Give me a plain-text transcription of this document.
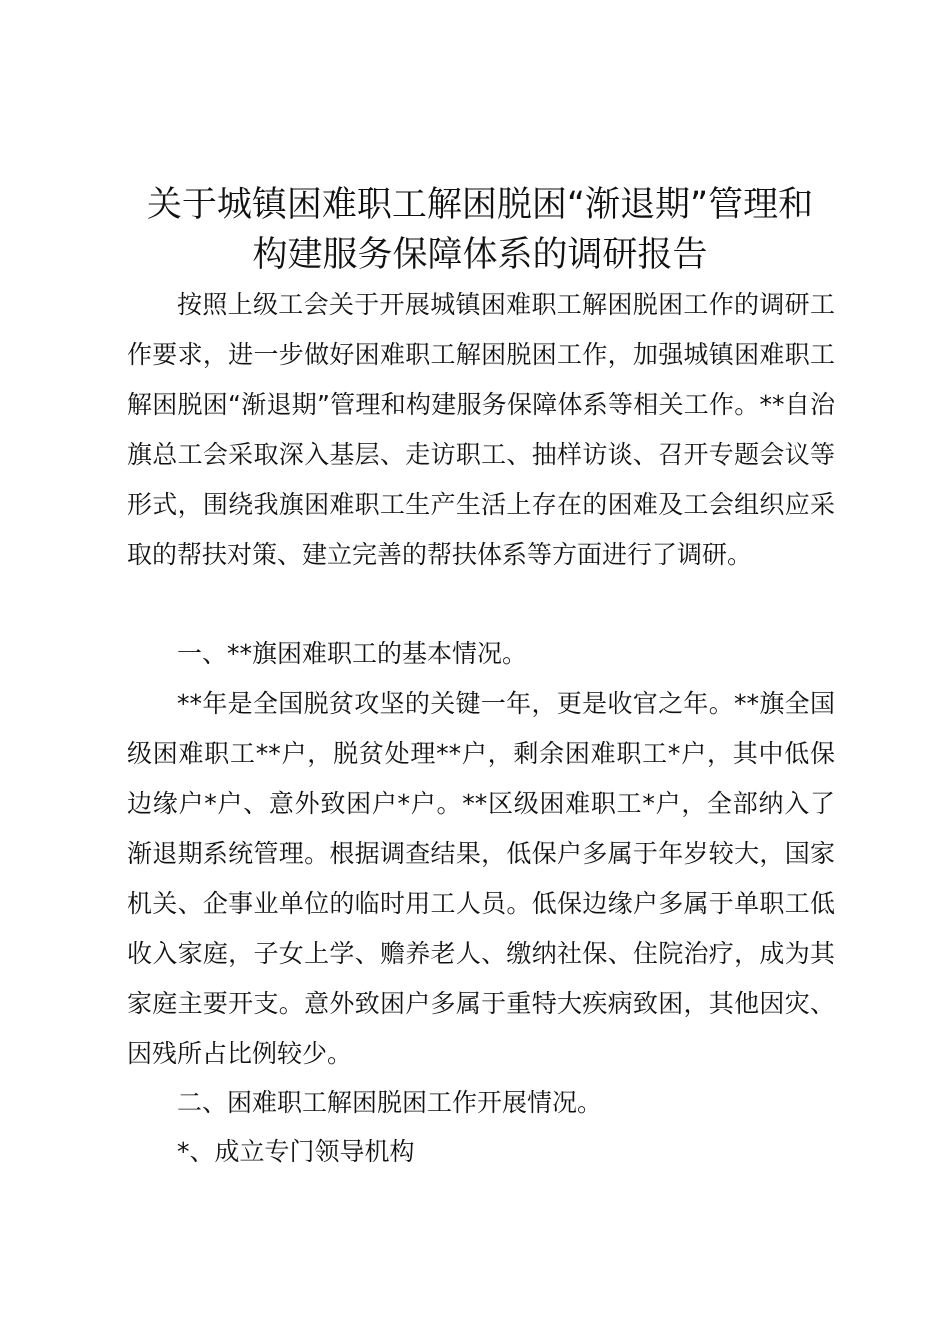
关于城镇困难职工解困脱困“渐退期”管理和
构建服务保障体系的调研报告

按照上级工会关于开展城镇困难职工解困脱困工作的调研工作要求，进一步做好困难职工解困脱困工作，加强城镇困难职工解困脱困“渐退期”管理和构建服务保障体系等相关工作。**自治旗总工会采取深入基层、走访职工、抽样访谈、召开专题会议等形式，围绕我旗困难职工生产生活上存在的困难及工会组织应采取的帮扶对策、建立完善的帮扶体系等方面进行了调研。

一、**旗困难职工的基本情况。

**年是全国脱贫攻坚的关键一年，更是收官之年。**旗全国级困难职工**户，脱贫处理**户，剩余困难职工*户，其中低保边缘户*户、意外致困户*户。**区级困难职工*户，全部纳入了渐退期系统管理。根据调查结果，低保户多属于年岁较大，国家机关、企事业单位的临时用工人员。低保边缘户多属于单职工低收入家庭，子女上学、赡养老人、缴纳社保、住院治疗，成为其家庭主要开支。意外致困户多属于重特大疾病致困，其他因灾、因残所占比例较少。

二、困难职工解困脱困工作开展情况。

*、成立专门领导机构
